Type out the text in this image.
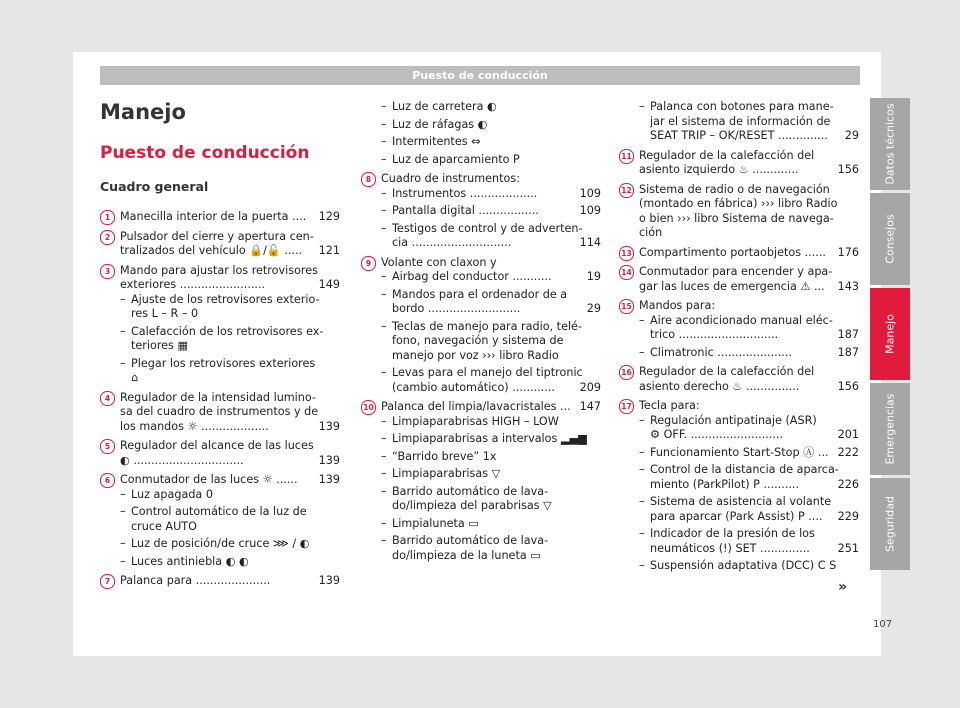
Puesto de conducción
Manejo
Puesto de conducción
Cuadro general
1 Manecilla interior de la puerta ....	129
2 Pulsador del cierre y apertura cen-
tralizados del vehículo 🔒/🔓 .....	121
3 Mando para ajustar los retrovisores
exteriores ........................	149
– Ajuste de los retrovisores exterio-
res L – R – 0
– Calefacción de los retrovisores ex-
teriores ▦
– Plegar los retrovisores exteriores
⌂
4 Regulador de la intensidad lumino-
sa del cuadro de instrumentos y de
los mandos ☼ ...................	139
5 Regulador del alcance de las luces
◐ ...............................	139
6 Conmutador de las luces ☼ ......	139
– Luz apagada 0
– Control automático de la luz de
cruce AUTO
– Luz de posición/de cruce ⋙ / ◐
– Luces antiniebla ◐ ◐
7 Palanca para .....................	139
– Luz de carretera ◐
– Luz de ráfagas ◐
– Intermitentes ⇔
– Luz de aparcamiento P
8 Cuadro de instrumentos:
– Instrumentos ...................	109
– Pantalla digital .................	109
– Testigos de control y de adverten-
cia ............................	114
9 Volante con claxon y
– Airbag del conductor ...........	19
– Mandos para el ordenador de a
bordo ..........................	29
– Teclas de manejo para radio, telé-
fono, navegación y sistema de
manejo por voz ››› libro Radio
– Levas para el manejo del tiptronic
(cambio automático) ............	209
10 Palanca del limpia/lavacristales ... 147
– Limpiaparabrisas HIGH – LOW
– Limpiaparabrisas a intervalos ▂▄▆
– “Barrido breve” 1x
– Limpiaparabrisas ▽
– Barrido automático de lava-
do/limpieza del parabrisas ▽
– Limpialuneta ▭
– Barrido automático de lava-
do/limpieza de la luneta ▭
– Palanca con botones para mane-
jar el sistema de información de
SEAT TRIP – OK/RESET ..............	29
11 Regulador de la calefacción del
asiento izquierdo ♨ .............	156
12 Sistema de radio o de navegación
(montado en fábrica) ››› libro Radio
o bien ››› libro Sistema de navega-
ción
13 Compartimento portaobjetos ......	176
14 Conmutador para encender y apa-
gar las luces de emergencia ⚠ ...	143
15 Mandos para:
– Aire acondicionado manual eléc-
trico ............................	187
– Climatronic .....................	187
16 Regulador de la calefacción del
asiento derecho ♨ ...............	156
17 Tecla para:
– Regulación antipatinaje (ASR)
⚙ OFF. ..........................	201
– Funcionamiento Start-Stop Ⓐ ... 222
– Control de la distancia de aparca-
miento (ParkPilot) P ..........	226
– Sistema de asistencia al volante
para aparcar (Park Assist) P ....	229
– Indicador de la presión de los
neumáticos (!) SET ..............	251
– Suspensión adaptativa (DCC) C S
Datos técnicos
Consejos
Manejo
Emergencias
Seguridad
»
107
